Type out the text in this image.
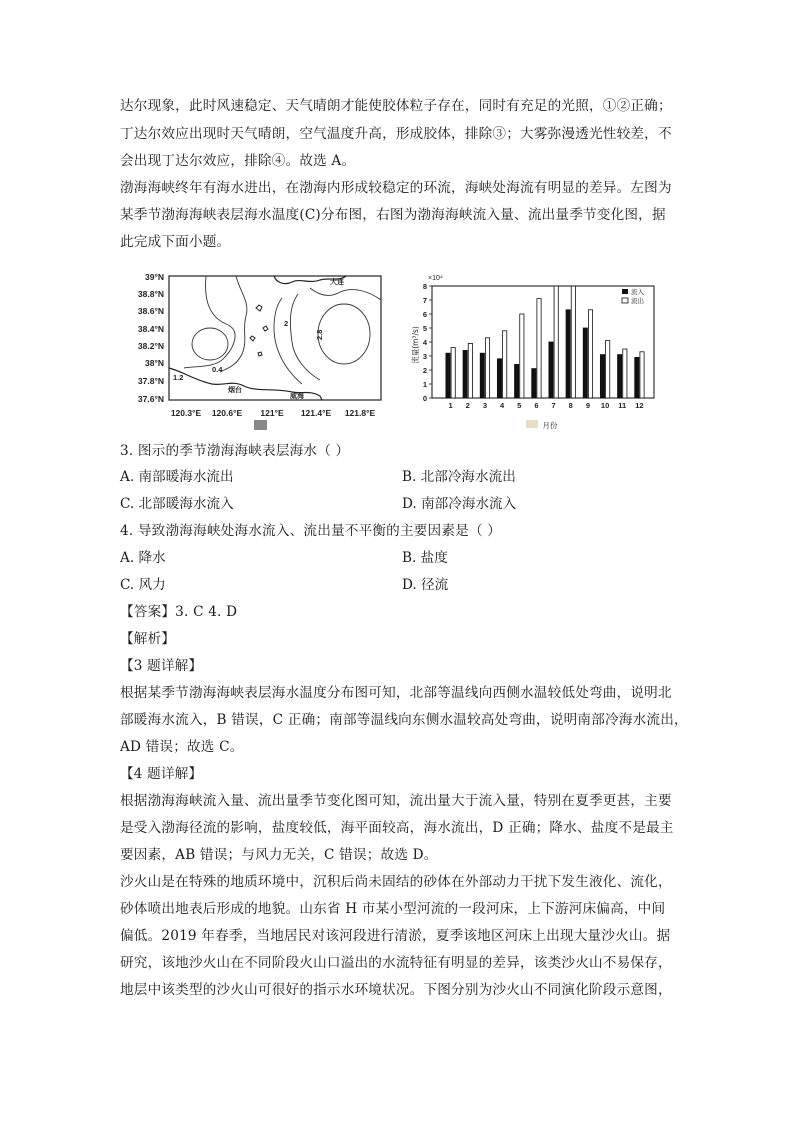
达尔现象，此时风速稳定、天气晴朗才能使胶体粒子存在，同时有充足的光照，①②正确；
丁达尔效应出现时天气晴朗，空气温度升高，形成胶体，排除③；大雾弥漫透光性较差，不
会出现丁达尔效应，排除④。故选 A。
渤海海峡终年有海水进出，在渤海内形成较稳定的环流，海峡处海流有明显的差异。左图为
某季节渤海海峡表层海水温度(C)分布图，右图为渤海海峡流入量、流出量季节变化图，据
此完成下面小题。
39°N
38.8°N
38.6°N
38.4°N
38.2°N
38°N
37.8°N
37.6°N
120.3°E 120.6°E 121°E 121.4°E 121.8°E
2
0.4
1.2
2.8
大连
烟台
威海
×10⁴
流量(m³/s)
月份
0
1
2
3
4
5
6
7
8
1 2 3 4 5 6 7 8 9 10 11 12
流入
流出
3. 图示的季节渤海海峡表层海水（ ）
A. 南部暖海水流出	B. 北部冷海水流出
C. 北部暖海水流入	D. 南部冷海水流入
4. 导致渤海海峡处海水流入、流出量不平衡的主要因素是（ ）
A. 降水	B. 盐度
C. 风力	D. 径流
【答案】3. C 4. D
【解析】
【3 题详解】
根据某季节渤海海峡表层海水温度分布图可知，北部等温线向西侧水温较低处弯曲，说明北
部暖海水流入，B 错误，C 正确；南部等温线向东侧水温较高处弯曲，说明南部冷海水流出，
AD 错误；故选 C。
【4 题详解】
根据渤海海峡流入量、流出量季节变化图可知，流出量大于流入量，特别在夏季更甚，主要
是受入渤海径流的影响，盐度较低，海平面较高，海水流出，D 正确；降水、盐度不是最主
要因素，AB 错误；与风力无关，C 错误；故选 D。
沙火山是在特殊的地质环境中，沉积后尚未固结的砂体在外部动力干扰下发生液化、流化，
砂体喷出地表后形成的地貌。山东省 H 市某小型河流的一段河床，上下游河床偏高，中间
偏低。2019 年春季，当地居民对该河段进行清淤，夏季该地区河床上出现大量沙火山。据
研究，该地沙火山在不同阶段火山口溢出的水流特征有明显的差异，该类沙火山不易保存，
地层中该类型的沙火山可很好的指示水环境状况。下图分别为沙火山不同演化阶段示意图，
